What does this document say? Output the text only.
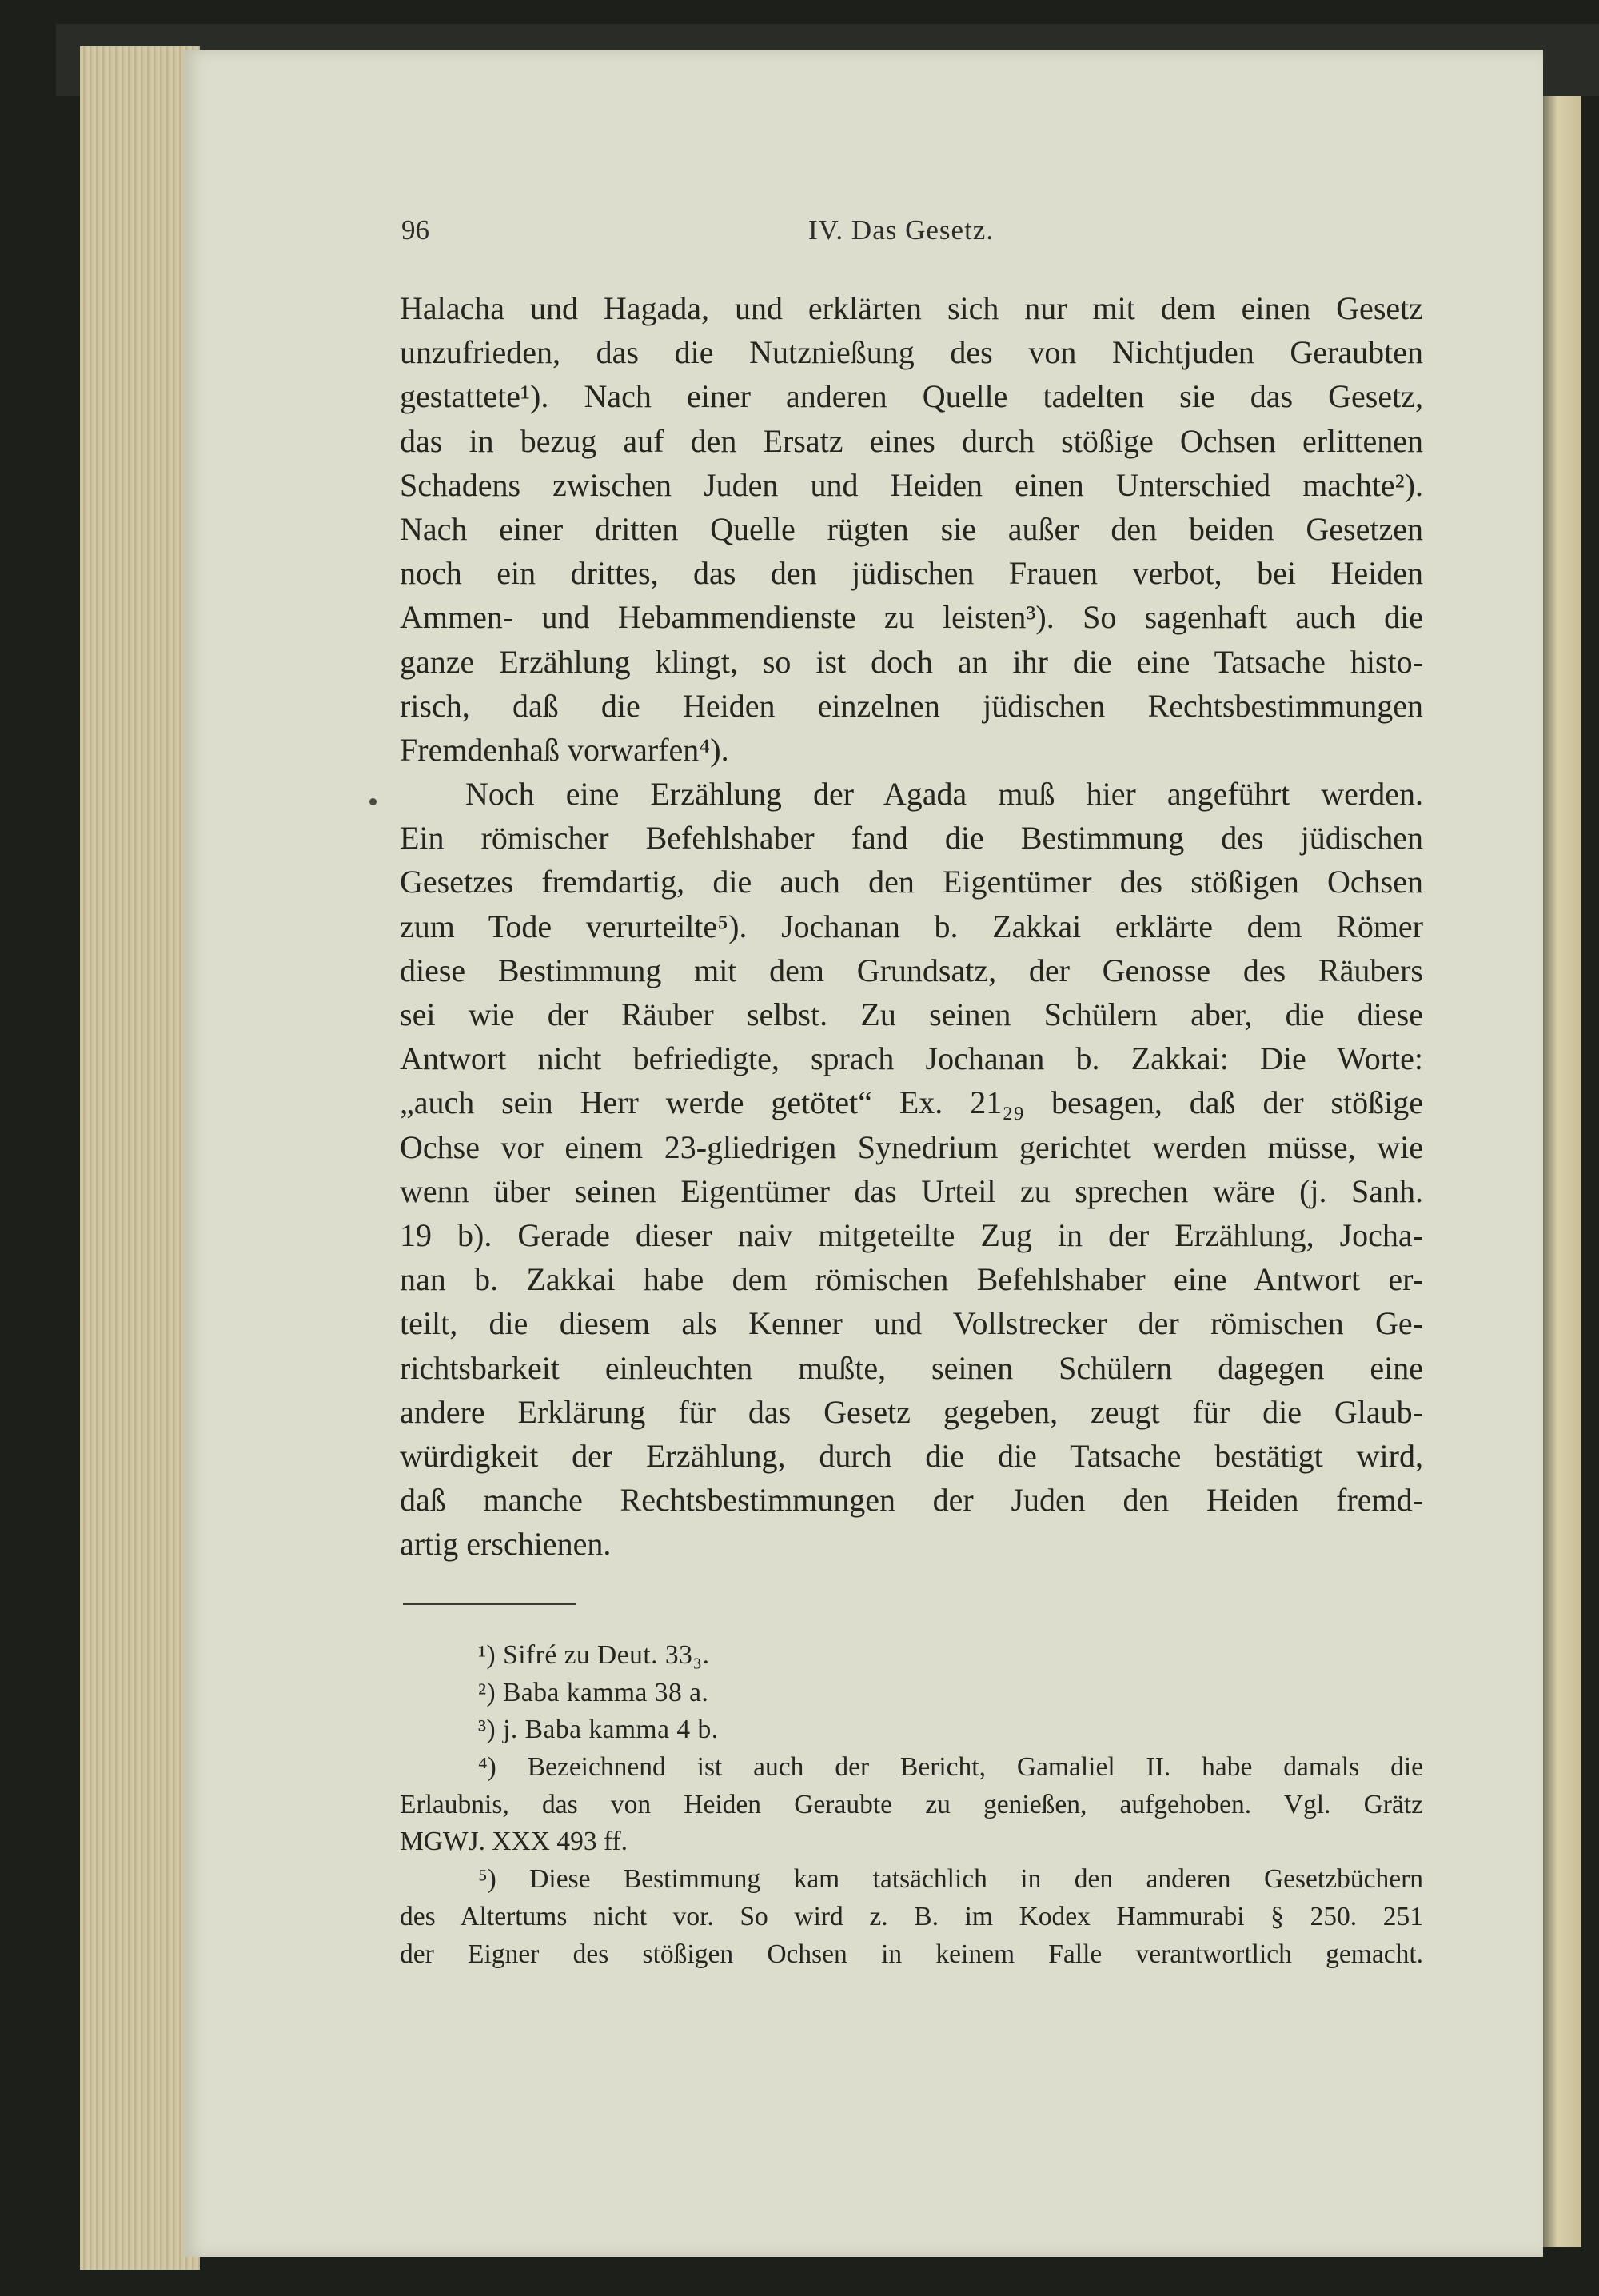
96	IV. Das Gesetz.
Halacha und Hagada, und erklärten sich nur mit dem einen Gesetz
unzufrieden, das die Nutznießung des von Nichtjuden Geraubten
gestattete¹). Nach einer anderen Quelle tadelten sie das Gesetz,
das in bezug auf den Ersatz eines durch stößige Ochsen erlittenen
Schadens zwischen Juden und Heiden einen Unterschied machte²).
Nach einer dritten Quelle rügten sie außer den beiden Gesetzen
noch ein drittes, das den jüdischen Frauen verbot, bei Heiden
Ammen- und Hebammendienste zu leisten³). So sagenhaft auch die
ganze Erzählung klingt, so ist doch an ihr die eine Tatsache histo-
risch, daß die Heiden einzelnen jüdischen Rechtsbestimmungen
Fremdenhaß vorwarfen⁴).
Noch eine Erzählung der Agada muß hier angeführt werden.
Ein römischer Befehlshaber fand die Bestimmung des jüdischen
Gesetzes fremdartig, die auch den Eigentümer des stößigen Ochsen
zum Tode verurteilte⁵). Jochanan b. Zakkai erklärte dem Römer
diese Bestimmung mit dem Grundsatz, der Genosse des Räubers
sei wie der Räuber selbst. Zu seinen Schülern aber, die diese
Antwort nicht befriedigte, sprach Jochanan b. Zakkai: Die Worte:
„auch sein Herr werde getötet“ Ex. 21₂₉ besagen, daß der stößige
Ochse vor einem 23-gliedrigen Synedrium gerichtet werden müsse, wie
wenn über seinen Eigentümer das Urteil zu sprechen wäre (j. Sanh.
19 b). Gerade dieser naiv mitgeteilte Zug in der Erzählung, Jocha-
nan b. Zakkai habe dem römischen Befehlshaber eine Antwort er-
teilt, die diesem als Kenner und Vollstrecker der römischen Ge-
richtsbarkeit einleuchten mußte, seinen Schülern dagegen eine
andere Erklärung für das Gesetz gegeben, zeugt für die Glaub-
würdigkeit der Erzählung, durch die die Tatsache bestätigt wird,
daß manche Rechtsbestimmungen der Juden den Heiden fremd-
artig erschienen.
¹) Sifré zu Deut. 33₃.
²) Baba kamma 38 a.
³) j. Baba kamma 4 b.
⁴) Bezeichnend ist auch der Bericht, Gamaliel II. habe damals die
Erlaubnis, das von Heiden Geraubte zu genießen, aufgehoben. Vgl. Grätz
MGWJ. XXX 493 ff.
⁵) Diese Bestimmung kam tatsächlich in den anderen Gesetzbüchern
des Altertums nicht vor. So wird z. B. im Kodex Hammurabi § 250. 251
der Eigner des stößigen Ochsen in keinem Falle verantwortlich gemacht.
